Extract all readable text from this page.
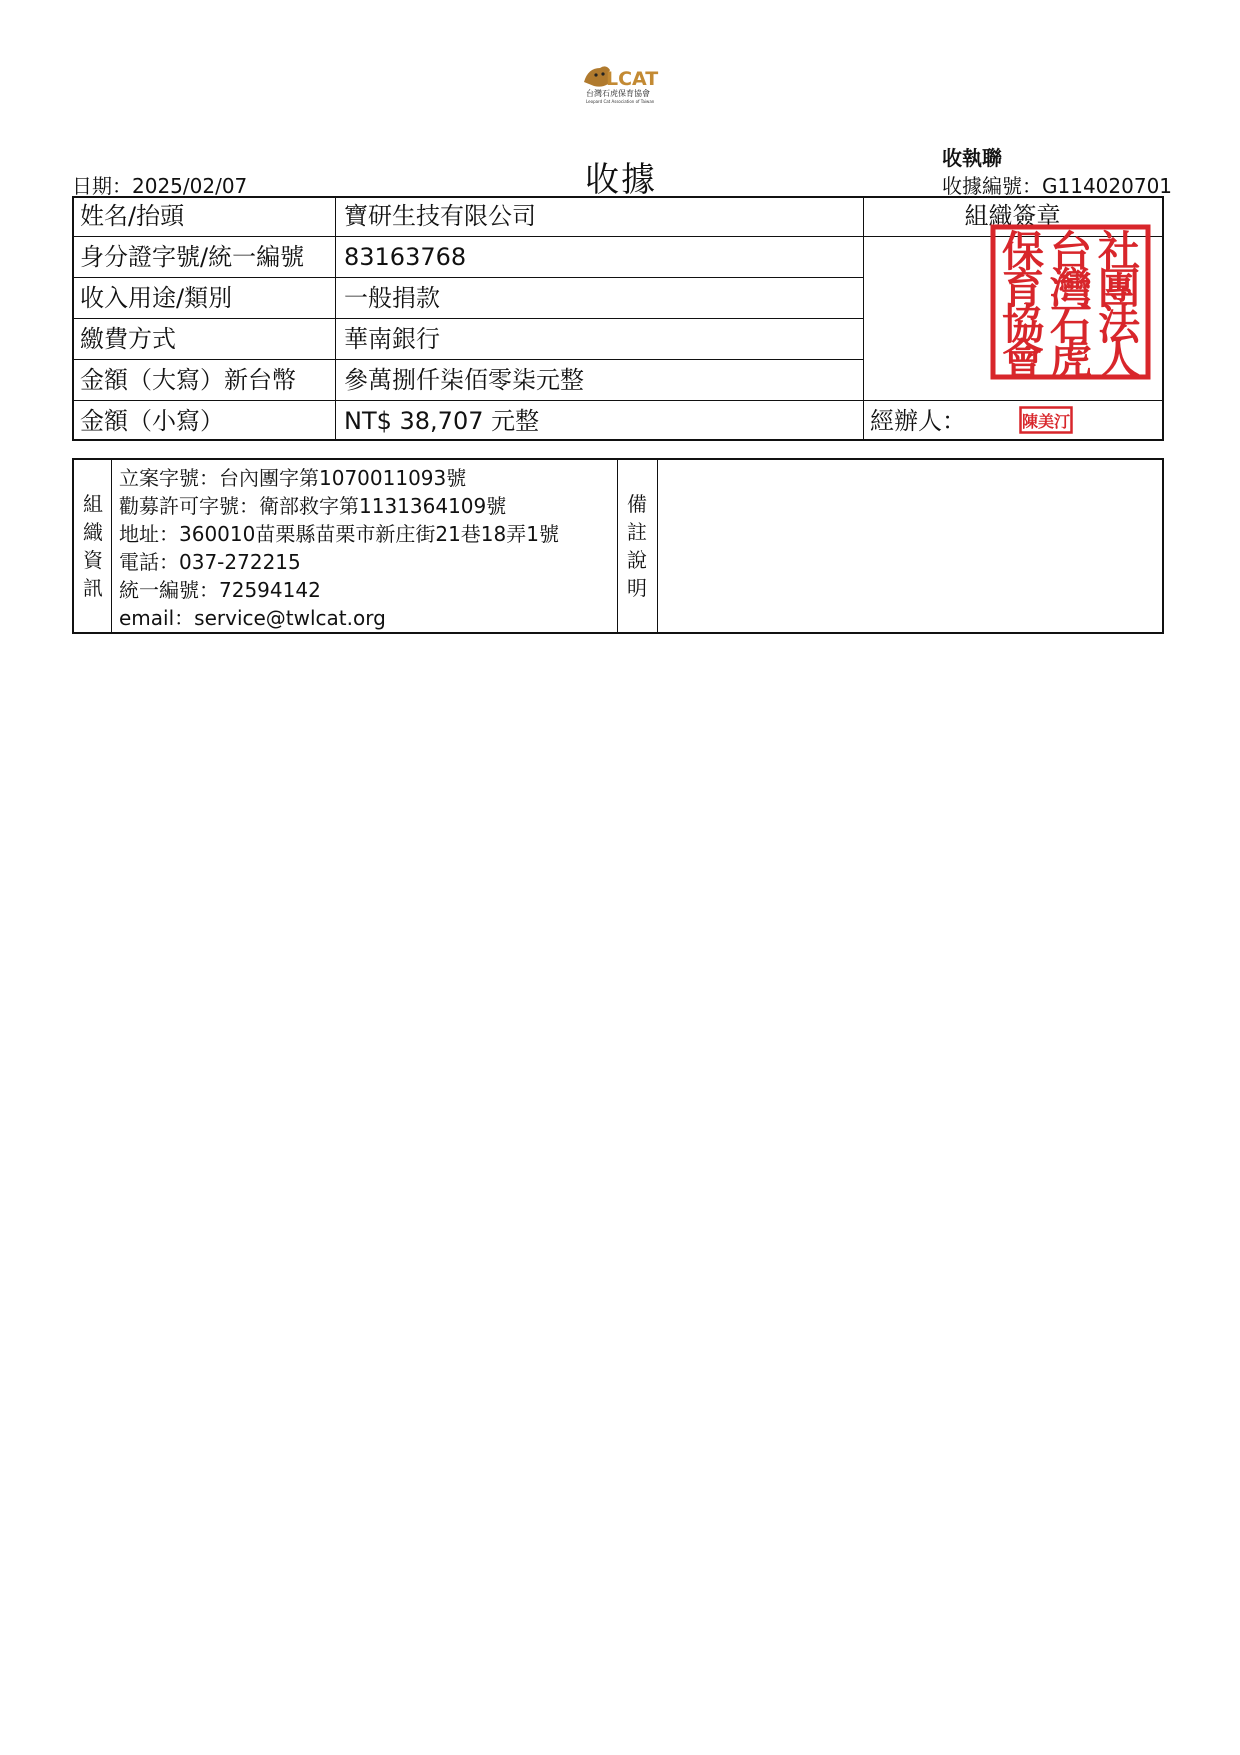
LCAT
台灣石虎保育協會
Leopard Cat Association of Taiwan
日期：2025/02/07	收據
收執聯
收據編號：G114020701
姓名/抬頭
身分證字號/統一編號
收入用途/類別
繳費方式
金額（大寫）新台幣
金額（小寫）
寶研生技有限公司
83163768
一般捐款
華南銀行
參萬捌仟柒佰零柒元整
NT$ 38,707 元整
組織簽章
保 台 社
育 灣 團
協 石 法
會 虎 人
經辦人：	陳美汀
組
織
資
訊
立案字號：台內團字第1070011093號
勸募許可字號：衛部救字第1131364109號
地址：360010苗栗縣苗栗市新庄街21巷18弄1號
電話：037-272215
統一編號：72594142
email：service@twlcat.org
備
註
說
明
